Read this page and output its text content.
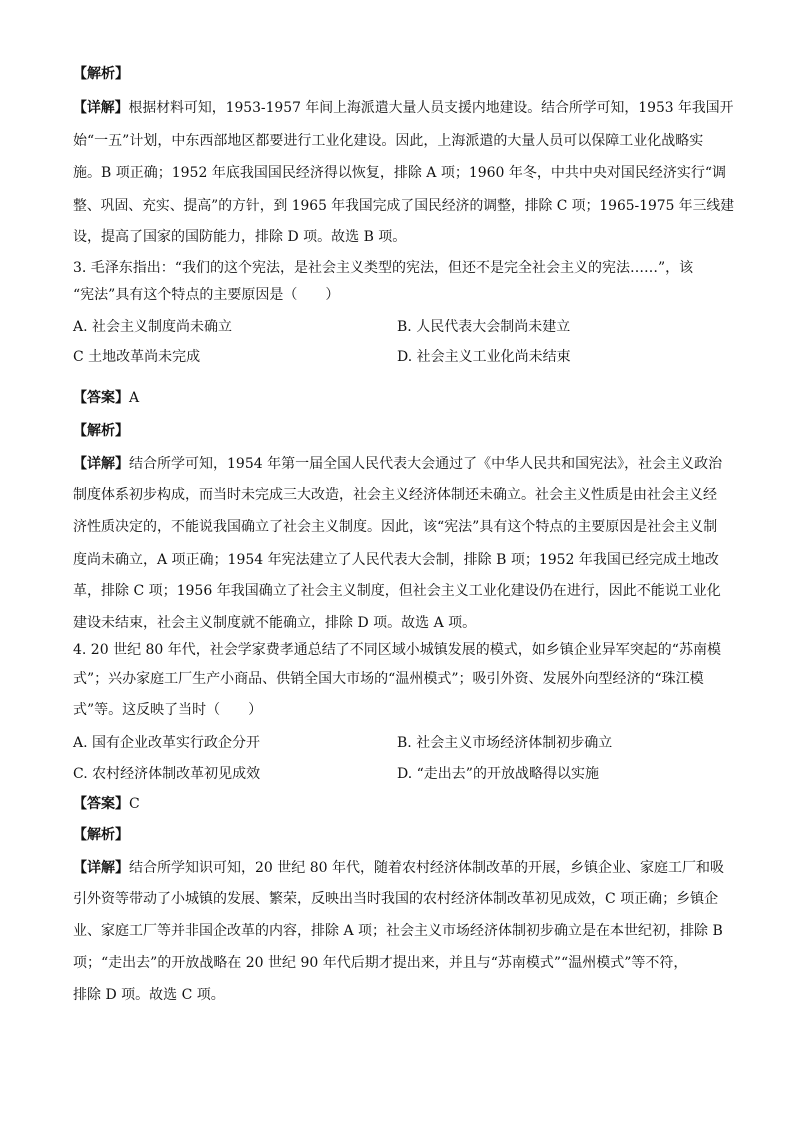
【解析】
【详解】根据材料可知，1953-1957 年间上海派遣大量人员支援内地建设。结合所学可知，1953 年我国开
始“一五”计划，中东西部地区都要进行工业化建设。因此，上海派遣的大量人员可以保障工业化战略实
施。B 项正确；1952 年底我国国民经济得以恢复，排除 A 项；1960 年冬，中共中央对国民经济实行“调
整、巩固、充实、提高”的方针，到 1965 年我国完成了国民经济的调整，排除 C 项；1965-1975 年三线建
设，提高了国家的国防能力，排除 D 项。故选 B 项。
3. 毛泽东指出：“我们的这个宪法，是社会主义类型的宪法，但还不是完全社会主义的宪法……”，该
“宪法”具有这个特点的主要原因是（　　）
A. 社会主义制度尚未确立	B. 人民代表大会制尚未建立
C 土地改革尚未完成	D. 社会主义工业化尚未结束
【答案】A
【解析】
【详解】结合所学可知，1954 年第一届全国人民代表大会通过了《中华人民共和国宪法》，社会主义政治
制度体系初步构成，而当时未完成三大改造，社会主义经济体制还未确立。社会主义性质是由社会主义经
济性质决定的，不能说我国确立了社会主义制度。因此，该“宪法”具有这个特点的主要原因是社会主义制
度尚未确立，A 项正确；1954 年宪法建立了人民代表大会制，排除 B 项；1952 年我国已经完成土地改
革，排除 C 项；1956 年我国确立了社会主义制度，但社会主义工业化建设仍在进行，因此不能说工业化
建设未结束，社会主义制度就不能确立，排除 D 项。故选 A 项。
4. 20 世纪 80 年代，社会学家费孝通总结了不同区域小城镇发展的模式，如乡镇企业异军突起的“苏南模
式”；兴办家庭工厂生产小商品、供销全国大市场的“温州模式”；吸引外资、发展外向型经济的“珠江模
式”等。这反映了当时（　　）
A. 国有企业改革实行政企分开	B. 社会主义市场经济体制初步确立
C. 农村经济体制改革初见成效	D. “走出去”的开放战略得以实施
【答案】C
【解析】
【详解】结合所学知识可知，20 世纪 80 年代，随着农村经济体制改革的开展，乡镇企业、家庭工厂和吸
引外资等带动了小城镇的发展、繁荣，反映出当时我国的农村经济体制改革初见成效，C 项正确；乡镇企
业、家庭工厂等并非国企改革的内容，排除 A 项；社会主义市场经济体制初步确立是在本世纪初，排除 B
项；“走出去”的开放战略在 20 世纪 90 年代后期才提出来，并且与“苏南模式”“温州模式”等不符，
排除 D 项。故选 C 项。
